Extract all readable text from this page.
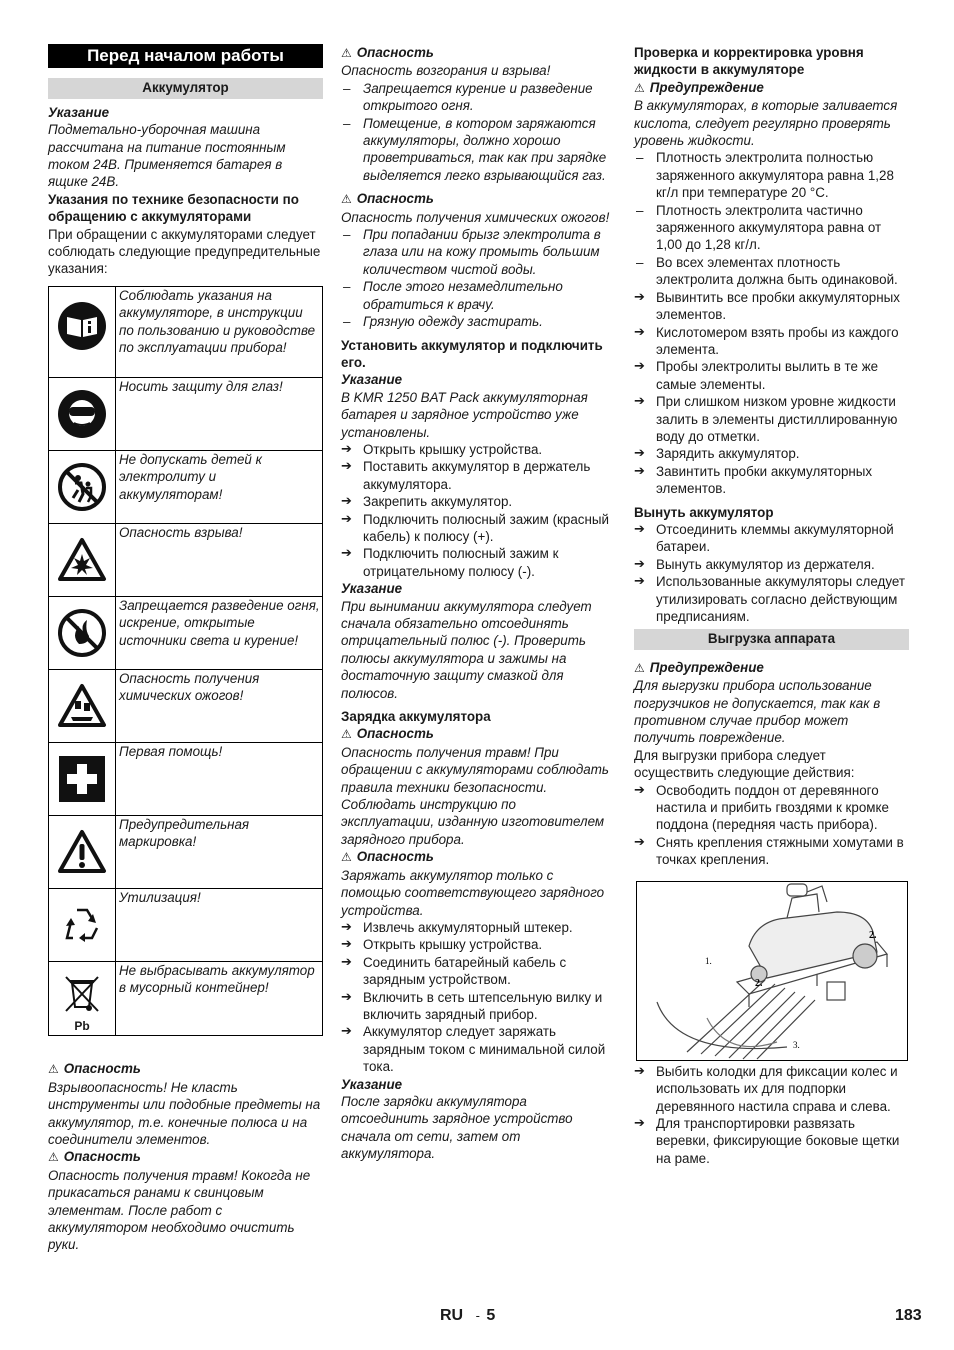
Перед началом работы
Аккумулятор

Указание

Подметально-уборочная машина рассчитана на питание постоянным током 24В. Применяется батарея в ящике 24В.

Указания по технике безопасности по обращению с аккумуляторами

При обращении с аккумуляторами следует соблюдать следующие предупредительные указания:

	Соблюдать указания на аккумуляторе, в инструкции по пользованию и руководстве по эксплуатации прибора!

	Носить защиту для глаз!

	Не допускать детей к электролиту и аккумуляторам!

	Опасность взрыва!

	Запрещается разведение огня, искрение, открытые источники света и курение!

	Опасность получения химических ожогов!

	Первая помощь!

	Предупредительная маркировка!

	Утилизация!

Pb	Не выбрасывать аккумулятор в мусорный контейнер!

⚠ Опасность

Взрывоопасность! Не класть инструменты или подобные предметы на аккумулятор, т.е. конечные полюса и на соединители элементов.

⚠ Опасность

Опасность получения травм! Кокогда не прикасаться ранами к свинцовым элементам. После работ с аккумулятором необходимо очистить руки.

⚠ Опасность

Опасность возгорания и взрыва!

– Запрещается курение и разведение открытого огня.
– Помещение, в котором заряжаются аккумуляторы, должно хорошо проветриваться, так как при зарядке выделяется легко взрывающийся газ.

⚠ Опасность

Опасность получения химических ожогов!

– При попадании брызг электролита в глаза или на кожу промыть большим количеством чистой воды.
– После этого незамедлительно обратиться к врачу.
– Грязную одежду застирать.

Установить аккумулятор и подключить его.

Указание

В KMR 1250 BAT Pack аккумуляторная батарея и зарядное устройство уже установлены.

➔ Открыть крышку устройства.
➔ Поставить аккумулятор в держатель аккумулятора.
➔ Закрепить аккумулятор.
➔ Подключить полюсный зажим (красный кабель) к полюсу (+).
➔ Подключить полюсный зажим к отрицательному полюсу (-).

Указание

При вынимании аккумулятора следует сначала обязательно отсоединять отрицательный полюс (-). Проверить полюсы аккумулятора и зажимы на достаточную защиту смазкой для полюсов.

Зарядка аккумулятора

⚠ Опасность

Опасность получения травм! При обращении с аккумуляторами соблюдать правила техники безопасности. Соблюдать инструкцию по эксплуатации, изданную изготовителем зарядного прибора.

⚠ Опасность

Заряжать аккумулятор только с помощью соответствующего зарядного устройства.

➔ Извлечь аккумуляторный штекер.
➔ Открыть крышку устройства.
➔ Соединить батарейный кабель с зарядным устройством.
➔ Включить в сеть штепсельную вилку и включить зарядный прибор.
➔ Аккумулятор следует заряжать зарядным током с минимальной силой тока.

Указание

После зарядки аккумулятора отсоединить зарядное устройство сначала от сети, затем от аккумулятора.

Проверка и корректировка уровня жидкости в аккумуляторе

⚠ Предупреждение

В аккумуляторах, в которые заливается кислота, следует регулярно проверять уровень жидкости.

– Плотность электролита полностью заряженного аккумулятора равна 1,28 кг/л при температуре 20 °C.
– Плотность электролита частично заряженного аккумулятора равна от 1,00 до 1,28 кг/л.
– Во всех элементах плотность электролита должна быть одинаковой.
➔ Вывинтить все пробки аккумуляторных элементов.
➔ Кислотомером взять пробы из каждого элемента.
➔ Пробы электролиты вылить в те же самые элементы.
➔ При слишком низком уровне жидкости залить в элементы дистиллированную воду до отметки.
➔ Зарядить аккумулятор.
➔ Завинтить пробки аккумуляторных элементов.

Вынуть аккумулятор

➔ Отсоединить клеммы аккумуляторной батареи.
➔ Вынуть аккумулятор из держателя.
➔ Использованные аккумуляторы следует утилизировать согласно действующим предписаниям.
Выгрузка аппарата

⚠ Предупреждение

Для выгрузки прибора использование погрузчиков не допускается, так как в противном случае прибор может получить повреждение.

Для выгрузки прибора следует осуществить следующие действия:

➔ Освободить поддон от деревянного настила и прибить гвоздями к кромке поддона (передняя часть прибора).
➔ Снять крепления стяжными хомутами в точках крепления.
1.
2.
2.
3.
➔ Выбить колодки для фиксации колес и использовать их для подпорки деревянного настила справа и слева.
➔ Для транспортировки развязать веревки, фиксирующие боковые щетки на раме.
RU - 5	183
